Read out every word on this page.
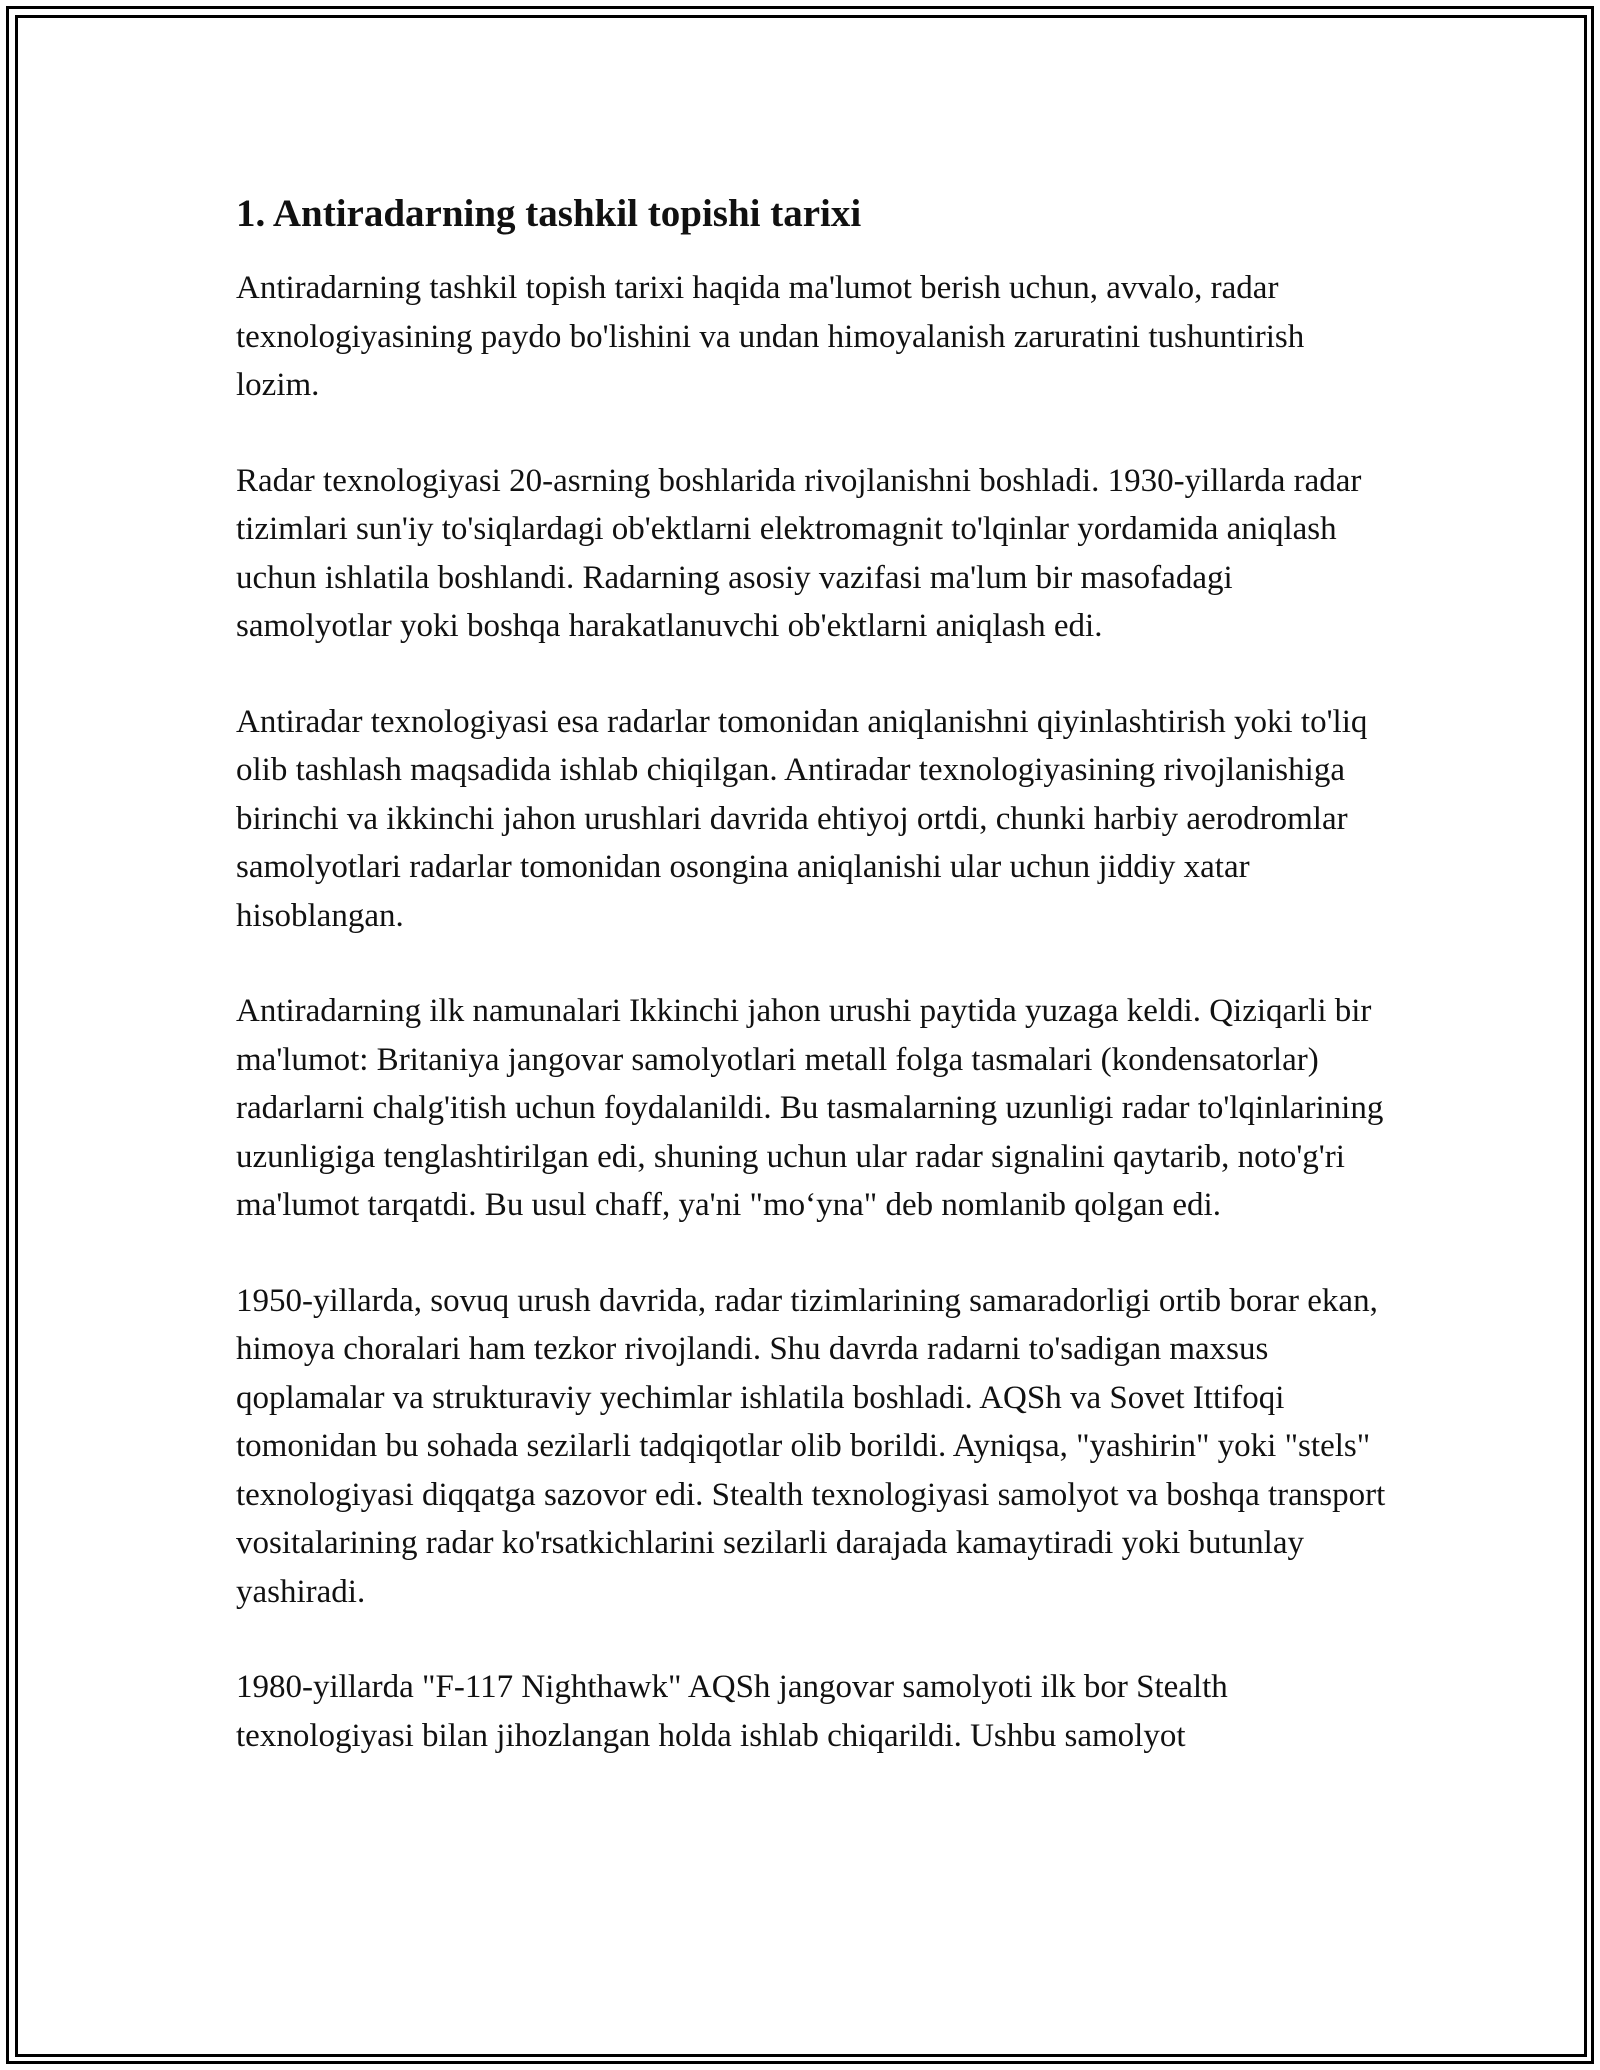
1. Antiradarning tashkil topishi tarixi

Antiradarning tashkil topish tarixi haqida ma'lumot berish uchun, avvalo, radar texnologiyasining paydo bo'lishini va undan himoyalanish zaruratini tushuntirish lozim.

Radar texnologiyasi 20-asrning boshlarida rivojlanishni boshladi. 1930-yillarda radar tizimlari sun'iy to'siqlardagi ob'ektlarni elektromagnit to'lqinlar yordamida aniqlash uchun ishlatila boshlandi. Radarning asosiy vazifasi ma'lum bir masofadagi samolyotlar yoki boshqa harakatlanuvchi ob'ektlarni aniqlash edi.

Antiradar texnologiyasi esa radarlar tomonidan aniqlanishni qiyinlashtirish yoki to'liq olib tashlash maqsadida ishlab chiqilgan. Antiradar texnologiyasining rivojlanishiga birinchi va ikkinchi jahon urushlari davrida ehtiyoj ortdi, chunki harbiy aerodromlar samolyotlari radarlar tomonidan osongina aniqlanishi ular uchun jiddiy xatar hisoblangan.

Antiradarning ilk namunalari Ikkinchi jahon urushi paytida yuzaga keldi. Qiziqarli bir ma'lumot: Britaniya jangovar samolyotlari metall folga tasmalari (kondensatorlar) radarlarni chalg'itish uchun foydalanildi. Bu tasmalarning uzunligi radar to'lqinlarining uzunligiga tenglashtirilgan edi, shuning uchun ular radar signalini qaytarib, noto'g'ri ma'lumot tarqatdi. Bu usul chaff, ya'ni "mo‘yna" deb nomlanib qolgan edi.

1950-yillarda, sovuq urush davrida, radar tizimlarining samaradorligi ortib borar ekan, himoya choralari ham tezkor rivojlandi. Shu davrda radarni to'sadigan maxsus qoplamalar va strukturaviy yechimlar ishlatila boshladi. AQSh va Sovet Ittifoqi tomonidan bu sohada sezilarli tadqiqotlar olib borildi. Ayniqsa, "yashirin" yoki "stels" texnologiyasi diqqatga sazovor edi. Stealth texnologiyasi samolyot va boshqa transport vositalarining radar ko'rsatkichlarini sezilarli darajada kamaytiradi yoki butunlay yashiradi.

1980-yillarda "F-117 Nighthawk" AQSh jangovar samolyoti ilk bor Stealth texnologiyasi bilan jihozlangan holda ishlab chiqarildi. Ushbu samolyot
